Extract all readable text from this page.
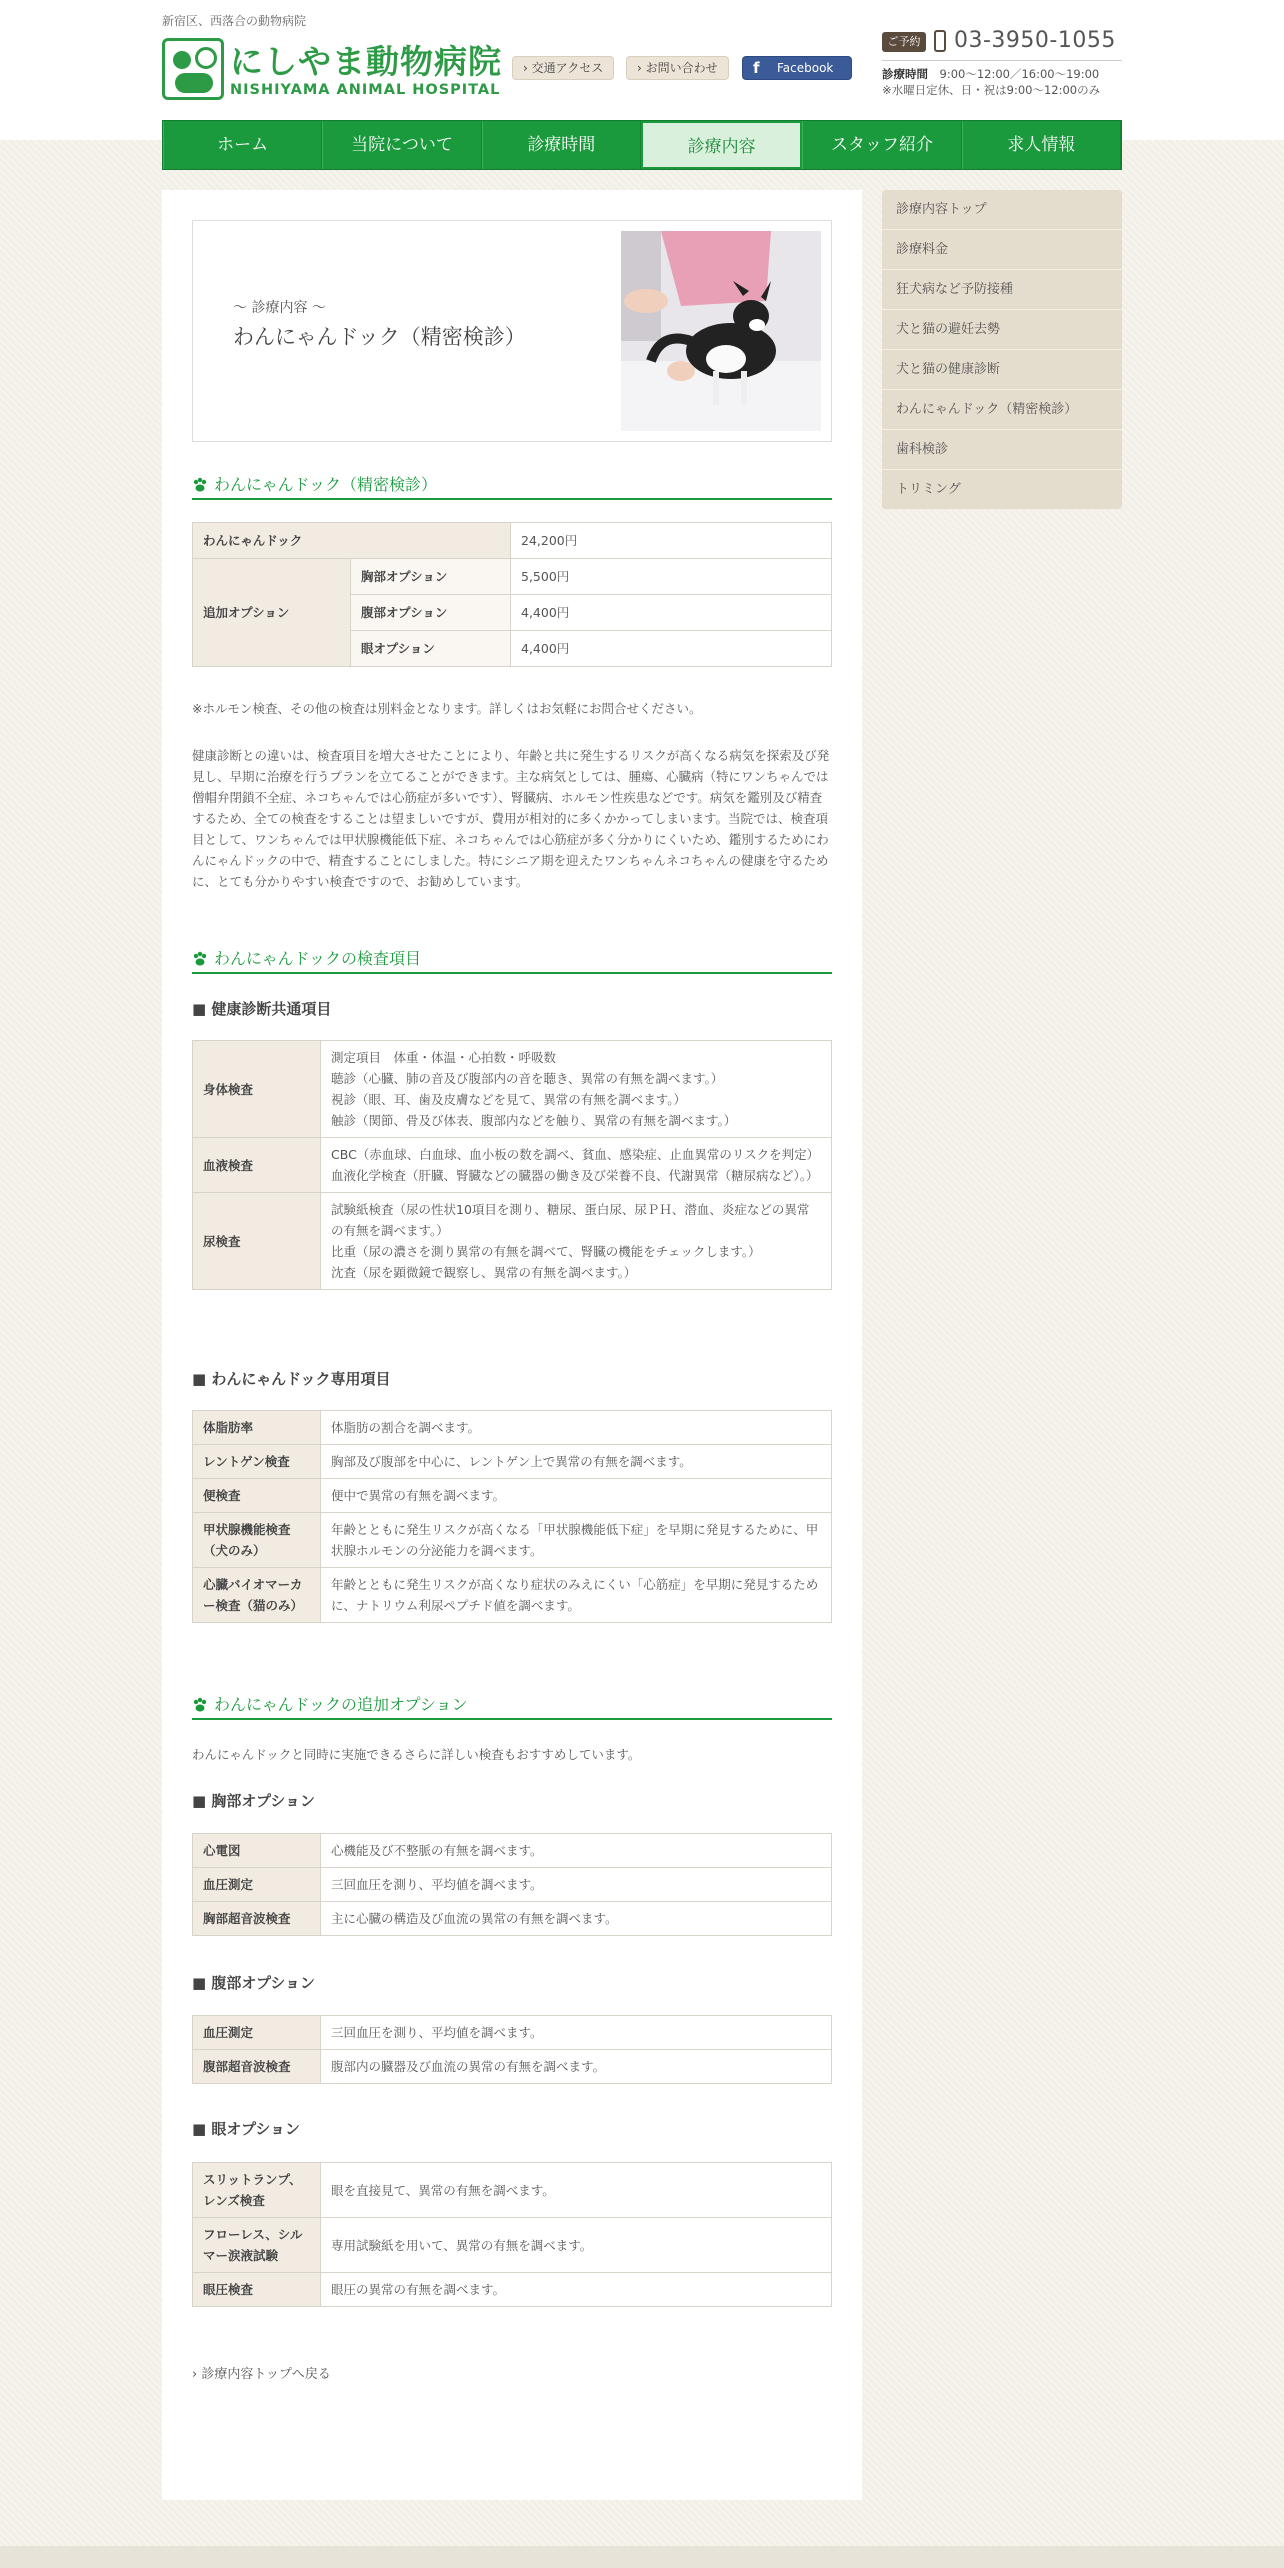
新宿区、西落合の動物病院
にしやま動物病院
NISHIYAMA ANIMAL HOSPITAL
› 交通アクセス	› お問い合わせ	f Facebook
ご予約 03-3950-1055
診療時間　 9:00〜12:00／16:00〜19:00
※水曜日定休、日・祝は9:00〜12:00のみ
ホーム	当院について	診療時間	診療内容	スタッフ紹介	求人情報
〜 診療内容 〜
わんにゃんドック（精密検診）
わんにゃんドック（精密検診）
わんにゃんドック		24,200円
追加オプション	胸部オプション	5,500円
	腹部オプション	4,400円
	眼オプション	4,400円
※ホルモン検査、その他の検査は別料金となります。詳しくはお気軽にお問合せください。
健康診断との違いは、検査項目を増大させたことにより、年齢と共に発生するリスクが高くなる病気を探索及び発見し、早期に治療を行うプランを立てることができます。主な病気としては、腫瘍、心臓病（特にワンちゃんでは僧帽弁閉鎖不全症、ネコちゃんでは心筋症が多いです）、腎臓病、ホルモン性疾患などです。病気を鑑別及び精査するため、全ての検査をすることは望ましいですが、費用が相対的に多くかかってしまいます。当院では、検査項目として、ワンちゃんでは甲状腺機能低下症、ネコちゃんでは心筋症が多く分かりにくいため、鑑別するためにわんにゃんドックの中で、精査することにしました。特にシニア期を迎えたワンちゃんネコちゃんの健康を守るために、とても分かりやすい検査ですので、お勧めしています。
わんにゃんドックの検査項目
■ 健康診断共通項目
身体検査	測定項目　体重・体温・心拍数・呼吸数
聴診（心臓、肺の音及び腹部内の音を聴き、異常の有無を調べます。）
視診（眼、耳、歯及皮膚などを見て、異常の有無を調べます。）
触診（関節、骨及び体表、腹部内などを触り、異常の有無を調べます。）

血液検査	CBC（赤血球、白血球、血小板の数を調べ、貧血、感染症、止血異常のリスクを判定）
血液化学検査（肝臓、腎臓などの臓器の働き及び栄養不良、代謝異常（糖尿病など）。）

尿検査	試験紙検査（尿の性状10項目を測り、糖尿、蛋白尿、尿ＰＨ、潜血、炎症などの異常の有無を調べます。）
比重（尿の濃さを測り異常の有無を調べて、腎臓の機能をチェックします。）
沈査（尿を顕微鏡で観察し、異常の有無を調べます。）
■ わんにゃんドック専用項目
体脂肪率	体脂肪の割合を調べます。
レントゲン検査	胸部及び腹部を中心に、レントゲン上で異常の有無を調べます。
便検査	便中で異常の有無を調べます。
甲状腺機能検査（犬のみ）	年齢とともに発生リスクが高くなる「甲状腺機能低下症」を早期に発見するために、甲状腺ホルモンの分泌能力を調べます。
心臓バイオマーカー検査（猫のみ）	年齢とともに発生リスクが高くなり症状のみえにくい「心筋症」を早期に発見するために、ナトリウム利尿ペプチド値を調べます。
わんにゃんドックの追加オプション
わんにゃんドックと同時に実施できるさらに詳しい検査もおすすめしています。
■ 胸部オプション
心電図	心機能及び不整脈の有無を調べます。
血圧測定	三回血圧を測り、平均値を調べます。
胸部超音波検査	主に心臓の構造及び血流の異常の有無を調べます。
■ 腹部オプション
血圧測定	三回血圧を測り、平均値を調べます。
腹部超音波検査	腹部内の臓器及び血流の異常の有無を調べます。
■ 眼オプション
スリットランプ、レンズ検査	眼を直接見て、異常の有無を調べます。
フローレス、シルマー涙液試験	専用試験紙を用いて、異常の有無を調べます。
眼圧検査	眼圧の異常の有無を調べます。
› 診療内容トップへ戻る
診療内容トップ
診療料金
狂犬病など予防接種
犬と猫の避妊去勢
犬と猫の健康診断
わんにゃんドック（精密検診）
歯科検診
トリミング
